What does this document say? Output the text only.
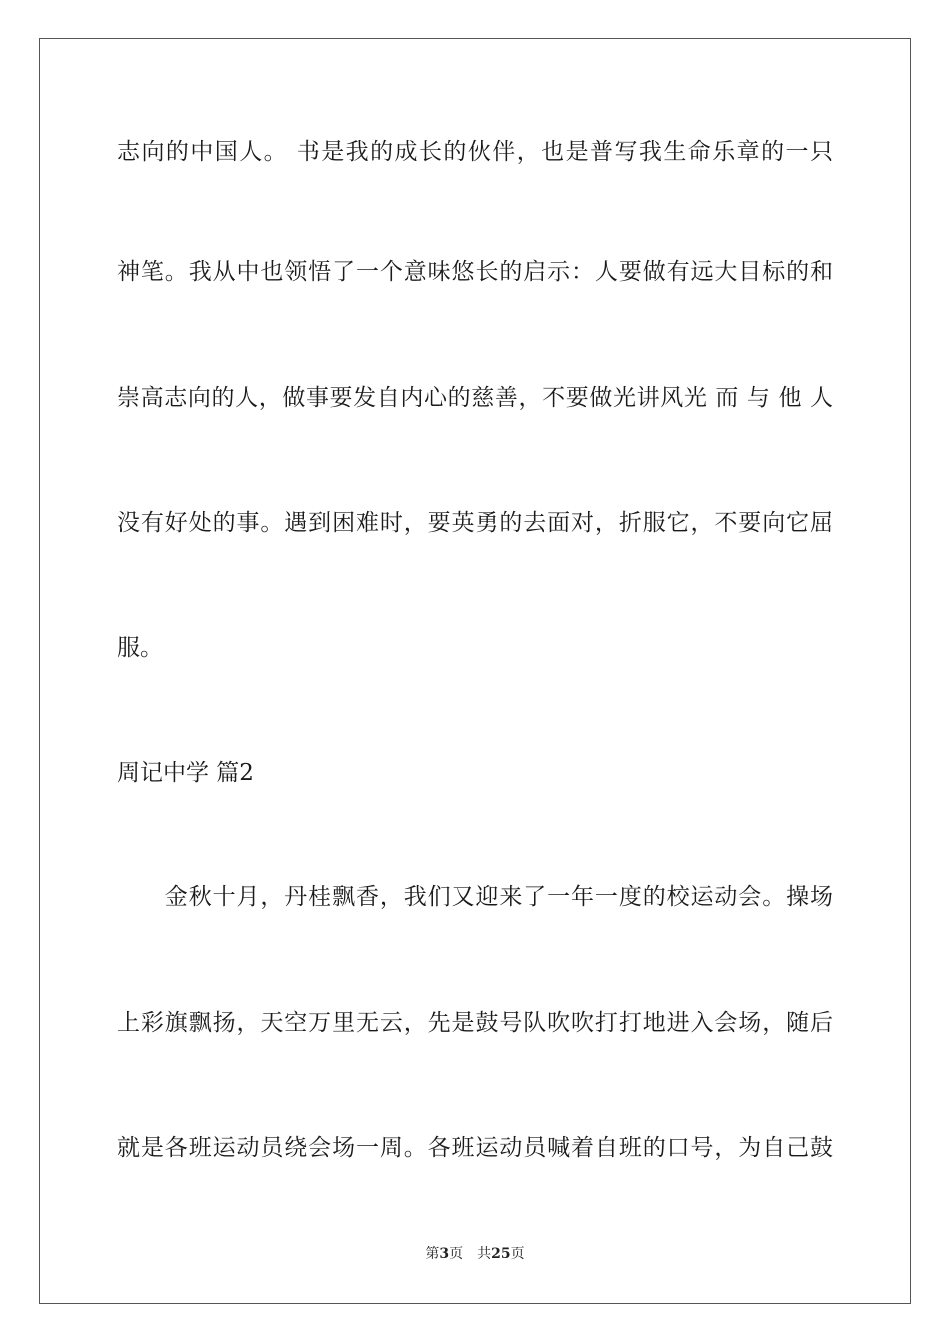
志向的中国人。 书是我的成长的伙伴，也是普写我生命乐章的一只
神笔。我从中也领悟了一个意味悠长的启示：人要做有远大目标的和
崇高志向的人，做事要发自内心的慈善，不要做光讲风光 而 与 他 人
没有好处的事。遇到困难时，要英勇的去面对，折服它，不要向它屈
服。
周记中学 篇2
　　金秋十月，丹桂飘香，我们又迎来了一年一度的校运动会。操场
上彩旗飘扬，天空万里无云，先是鼓号队吹吹打打地进入会场，随后
就是各班运动员绕会场一周。各班运动员喊着自班的口号，为自己鼓
第3页 共25页
